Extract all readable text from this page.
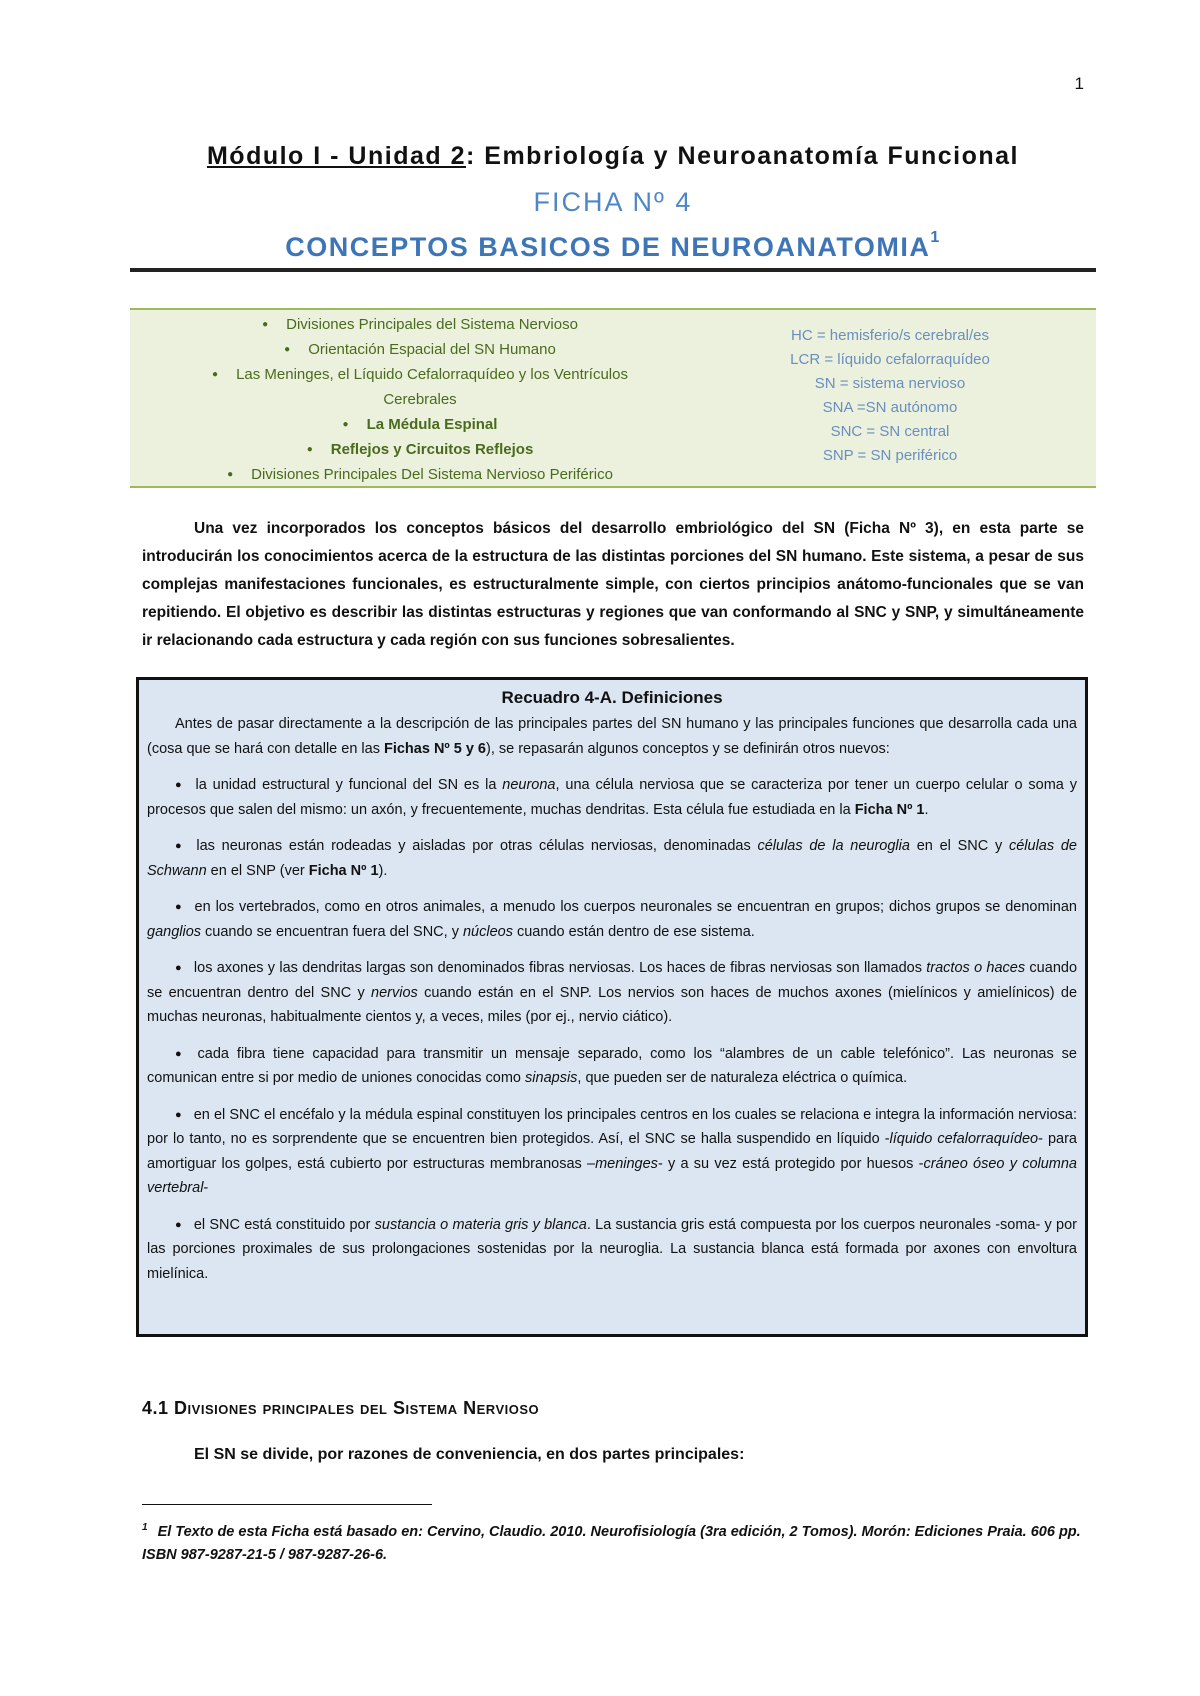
1

Módulo I - Unidad 2: Embriología y Neuroanatomía Funcional

FICHA Nº 4

CONCEPTOS BASICOS DE NEUROANATOMIA$^1$

● Divisiones Principales del Sistema Nervioso
● Orientación Espacial del SN Humano
● Las Meninges, el Líquido Cefalorraquídeo y los Ventrículos
Cerebrales
● La Médula Espinal
● Reflejos y Circuitos Reflejos
● Divisiones Principales Del Sistema Nervioso Periférico
HC = hemisferio/s cerebral/es
LCR = líquido cefalorraquídeo
SN = sistema nervioso
SNA =SN autónomo
SNC = SN central
SNP = SN periférico

Una vez incorporados los conceptos básicos del desarrollo embriológico del SN (Ficha Nº 3), en esta parte se introducirán los conocimientos acerca de la estructura de las distintas porciones del SN humano. Este sistema, a pesar de sus complejas manifestaciones funcionales, es estructuralmente simple, con ciertos principios anátomo-funcionales que se van repitiendo. El objetivo es describir las distintas estructuras y regiones que van conformando al SNC y SNP, y simultáneamente ir relacionando cada estructura y cada región con sus funciones sobresalientes.

Recuadro 4-A. Definiciones

Antes de pasar directamente a la descripción de las principales partes del SN humano y las principales funciones que desarrolla cada una (cosa que se hará con detalle en las Fichas Nº 5 y 6), se repasarán algunos conceptos y se definirán otros nuevos:

● la unidad estructural y funcional del SN es la neurona, una célula nerviosa que se caracteriza por tener un cuerpo celular o soma y procesos que salen del mismo: un axón, y frecuentemente, muchas dendritas. Esta célula fue estudiada en la Ficha Nº 1.

● las neuronas están rodeadas y aisladas por otras células nerviosas, denominadas células de la neuroglia en el SNC y células de Schwann en el SNP (ver Ficha Nº 1).

● en los vertebrados, como en otros animales, a menudo los cuerpos neuronales se encuentran en grupos; dichos grupos se denominan ganglios cuando se encuentran fuera del SNC, y núcleos cuando están dentro de ese sistema.

● los axones y las dendritas largas son denominados fibras nerviosas. Los haces de fibras nerviosas son llamados tractos o haces cuando se encuentran dentro del SNC y nervios cuando están en el SNP. Los nervios son haces de muchos axones (mielínicos y amielínicos) de muchas neuronas, habitualmente cientos y, a veces, miles (por ej., nervio ciático).

● cada fibra tiene capacidad para transmitir un mensaje separado, como los “alambres de un cable telefónico”. Las neuronas se comunican entre si por medio de uniones conocidas como sinapsis, que pueden ser de naturaleza eléctrica o química.

● en el SNC el encéfalo y la médula espinal constituyen los principales centros en los cuales se relaciona e integra la información nerviosa: por lo tanto, no es sorprendente que se encuentren bien protegidos. Así, el SNC se halla suspendido en líquido -líquido cefalorraquídeo- para amortiguar los golpes, está cubierto por estructuras membranosas –meninges- y a su vez está protegido por huesos -cráneo óseo y columna vertebral-

● el SNC está constituido por sustancia o materia gris y blanca. La sustancia gris está compuesta por los cuerpos neuronales -soma- y por las porciones proximales de sus prolongaciones sostenidas por la neuroglia. La sustancia blanca está formada por axones con envoltura mielínica.

4.1 Divisiones principales del Sistema Nervioso

El SN se divide, por razones de conveniencia, en dos partes principales:

$^1$ El Texto de esta Ficha está basado en: Cervino, Claudio. 2010. Neurofisiología (3ra edición, 2 Tomos). Morón: Ediciones Praia. 606 pp. ISBN 987-9287-21-5 / 987-9287-26-6.
